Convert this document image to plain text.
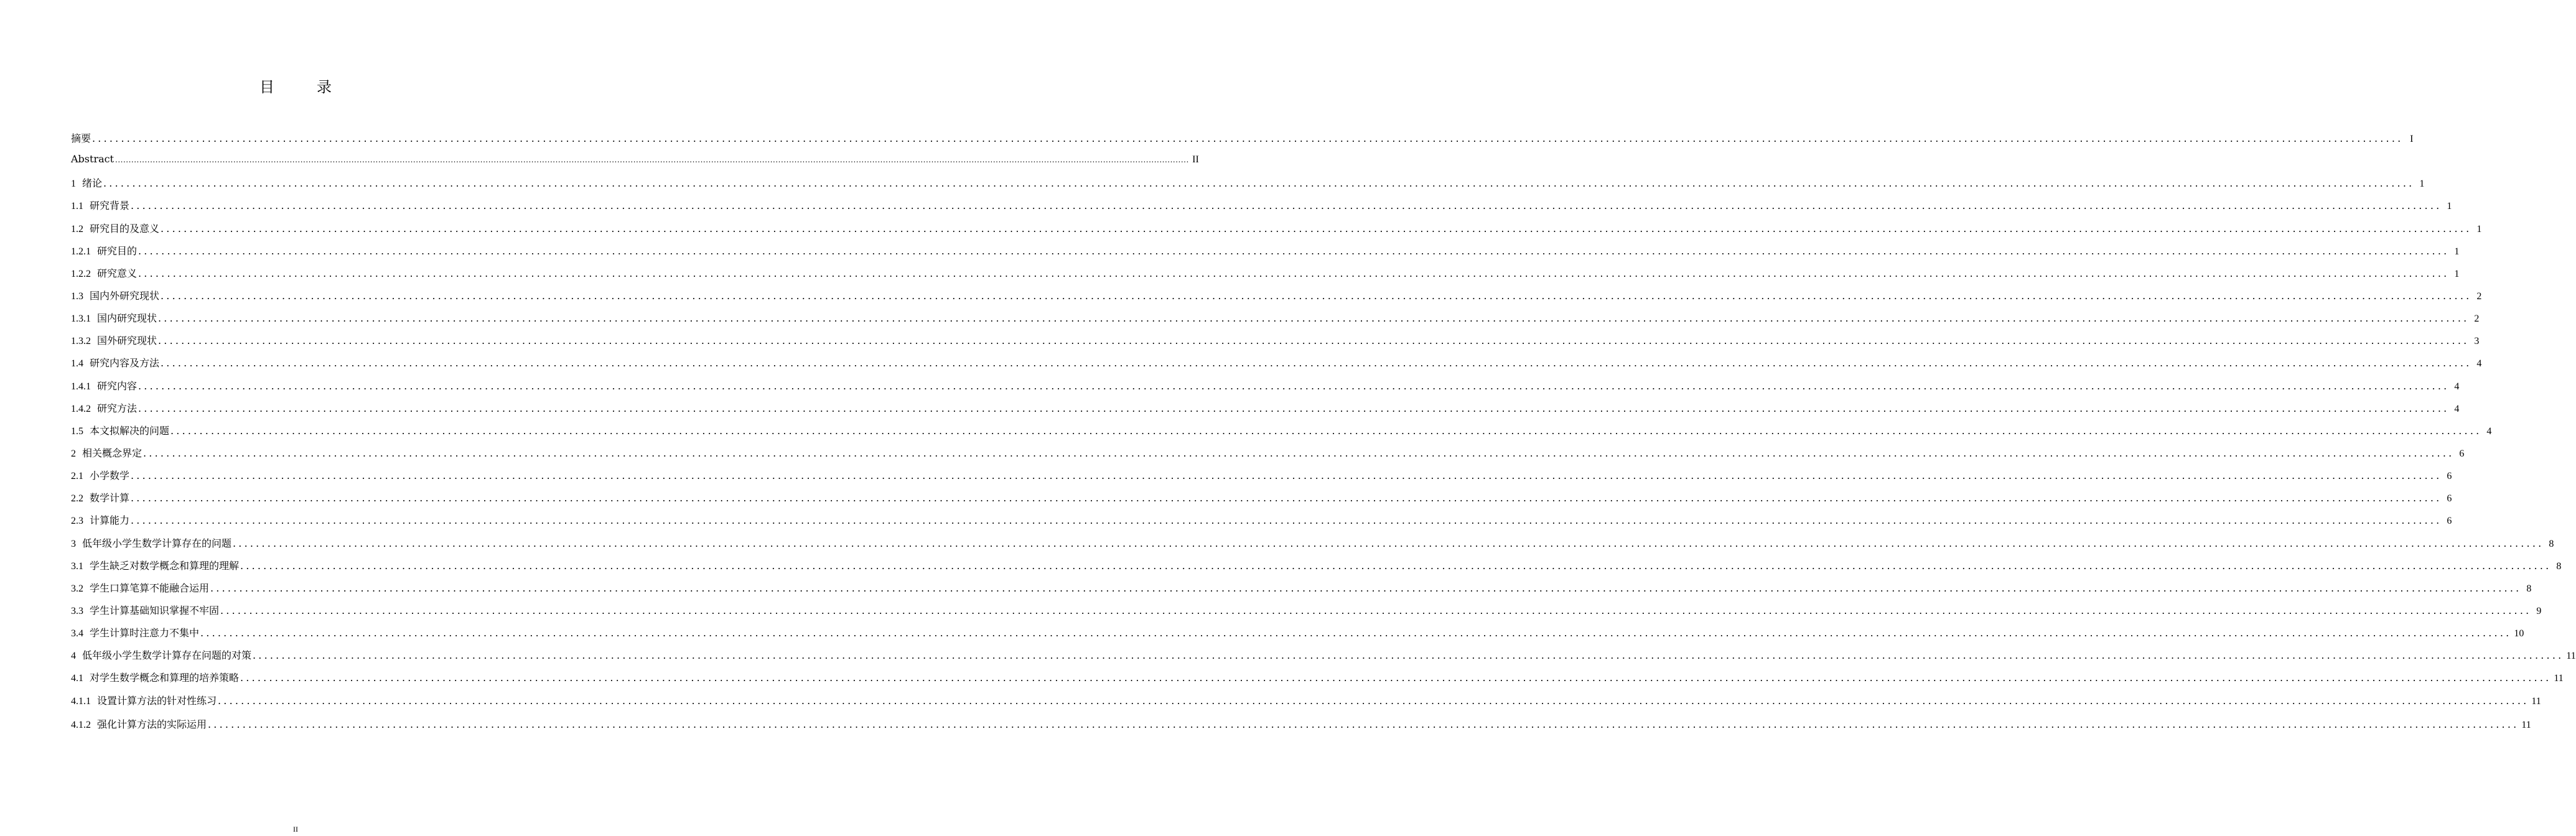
目　录
摘要 ................................................................................................................................................................................................................................................................................................................................................................................................................ I
Abstract ................................................................................................................................................................................................................................................................................................................................................................................................................ II
1 绪论 ................................................................................................................................................................................................................................................................................................................................................................................................................ 1
1.1 研究背景 ................................................................................................................................................................................................................................................................................................................................................................................................................ 1
1.2 研究目的及意义 ................................................................................................................................................................................................................................................................................................................................................................................................................ 1
1.2.1 研究目的 ................................................................................................................................................................................................................................................................................................................................................................................................................ 1
1.2.2 研究意义 ................................................................................................................................................................................................................................................................................................................................................................................................................ 1
1.3 国内外研究现状 ................................................................................................................................................................................................................................................................................................................................................................................................................ 2
1.3.1 国内研究现状 ................................................................................................................................................................................................................................................................................................................................................................................................................ 2
1.3.2 国外研究现状 ................................................................................................................................................................................................................................................................................................................................................................................................................ 3
1.4 研究内容及方法 ................................................................................................................................................................................................................................................................................................................................................................................................................ 4
1.4.1 研究内容 ................................................................................................................................................................................................................................................................................................................................................................................................................ 4
1.4.2 研究方法 ................................................................................................................................................................................................................................................................................................................................................................................................................ 4
1.5 本文拟解决的问题 ................................................................................................................................................................................................................................................................................................................................................................................................................ 4
2 相关概念界定 ................................................................................................................................................................................................................................................................................................................................................................................................................ 6
2.1 小学数学 ................................................................................................................................................................................................................................................................................................................................................................................................................ 6
2.2 数学计算 ................................................................................................................................................................................................................................................................................................................................................................................................................ 6
2.3 计算能力 ................................................................................................................................................................................................................................................................................................................................................................................................................ 6
3 低年级小学生数学计算存在的问题 ................................................................................................................................................................................................................................................................................................................................................................................................................ 8
3.1 学生缺乏对数学概念和算理的理解 ................................................................................................................................................................................................................................................................................................................................................................................................................ 8
3.2 学生口算笔算不能融合运用 ................................................................................................................................................................................................................................................................................................................................................................................................................ 8
3.3 学生计算基础知识掌握不牢固 ................................................................................................................................................................................................................................................................................................................................................................................................................ 9
3.4 学生计算时注意力不集中 ................................................................................................................................................................................................................................................................................................................................................................................................................ 10
4 低年级小学生数学计算存在问题的对策 ................................................................................................................................................................................................................................................................................................................................................................................................................ 11
4.1 对学生数学概念和算理的培养策略 ................................................................................................................................................................................................................................................................................................................................................................................................................ 11
4.1.1 设置计算方法的针对性练习 ................................................................................................................................................................................................................................................................................................................................................................................................................ 11
4.1.2 强化计算方法的实际运用 ................................................................................................................................................................................................................................................................................................................................................................................................................ 11
II
